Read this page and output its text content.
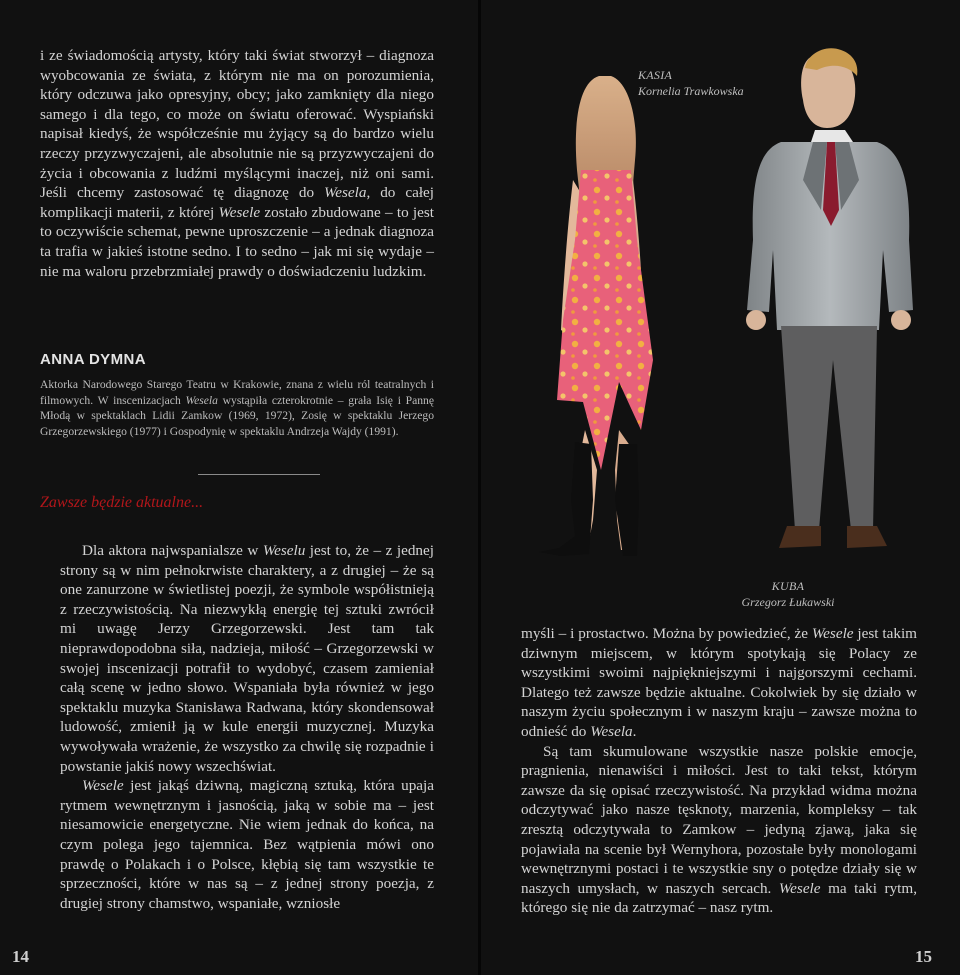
i ze świadomością artysty, który taki świat stworzył – diagnoza wyobcowania ze świata, z którym nie ma on porozumienia, który odczuwa jako opresyjny, obcy; jako zamknięty dla niego samego i dla tego, co może on światu oferować. Wyspiański napisał kiedyś, że współcześnie mu żyjący są do bardzo wielu rzeczy przyzwyczajeni, ale absolutnie nie są przyzwyczajeni do życia i obcowania z ludźmi myślącymi inaczej, niż oni sami. Jeśli chcemy zastosować tę diagnozę do Wesela, do całej komplikacji materii, z której Wesele zostało zbudowane – to jest to oczywiście schemat, pewne uproszczenie – a jednak diagnoza ta trafia w jakieś istotne sedno. I to sedno – jak mi się wydaje – nie ma waloru przebrzmiałej prawdy o doświadczeniu ludzkim.

ANNA DYMNA
Aktorka Narodowego Starego Teatru w Krakowie, znana z wielu ról teatralnych i filmowych. W inscenizacjach Wesela wystąpiła czterokrotnie – grała Isię i Pannę Młodą w spektaklach Lidii Zamkow (1969, 1972), Zosię w spektaklu Jerzego Grzegorzewskiego (1977) i Gospodynię w spektaklu Andrzeja Wajdy (1991).
Zawsze będzie aktualne...

Dla aktora najwspanialsze w Weselu jest to, że – z jednej strony są w nim pełnokrwiste charaktery, a z drugiej – że są one zanurzone w świetlistej poezji, że symbole współistnieją z rzeczywistością. Na niezwykłą energię tej sztuki zwrócił mi uwagę Jerzy Grzegorzewski. Jest tam tak nieprawdopodobna siła, nadzieja, miłość – Grzegorzewski w swojej inscenizacji potrafił to wydobyć, czasem zamieniał całą scenę w jedno słowo. Wspaniała była również w jego spektaklu muzyka Stanisława Radwana, który skondensował ludowość, zmienił ją w kule energii muzycznej. Muzyka wywoływała wrażenie, że wszystko za chwilę się rozpadnie i powstanie jakiś nowy wszechświat.

Wesele jest jakąś dziwną, magiczną sztuką, która upaja rytmem wewnętrznym i jasnością, jaką w sobie ma – jest niesamowicie energetyczne. Nie wiem jednak do końca, na czym polega jego tajemnica. Bez wątpienia mówi ono prawdę o Polakach i o Polsce, kłębią się tam wszystkie te sprzeczności, które w nas są – z jednej strony poezja, z drugiej strony chamstwo, wspaniałe, wzniosłe

14
KASIA
Kornelia Trawkowska
KUBA
Grzegorz Łukawski

myśli – i prostactwo. Można by powiedzieć, że Wesele jest takim dziwnym miejscem, w którym spotykają się Polacy ze wszystkimi swoimi najpiękniejszymi i najgorszymi cechami. Dlatego też zawsze będzie aktualne. Cokolwiek by się działo w naszym życiu społecznym i w naszym kraju – zawsze można to odnieść do Wesela.

Są tam skumulowane wszystkie nasze polskie emocje, pragnienia, nienawiści i miłości. Jest to taki tekst, którym zawsze da się opisać rzeczywistość. Na przykład widma można odczytywać jako nasze tęsknoty, marzenia, kompleksy – tak zresztą odczytywała to Zamkow – jedyną zjawą, jaka się pojawiała na scenie był Wernyhora, pozostałe były monologami wewnętrznymi postaci i te wszystkie sny o potędze działy się w naszych umysłach, w naszych sercach. Wesele ma taki rytm, którego się nie da zatrzymać – nasz rytm.

15
